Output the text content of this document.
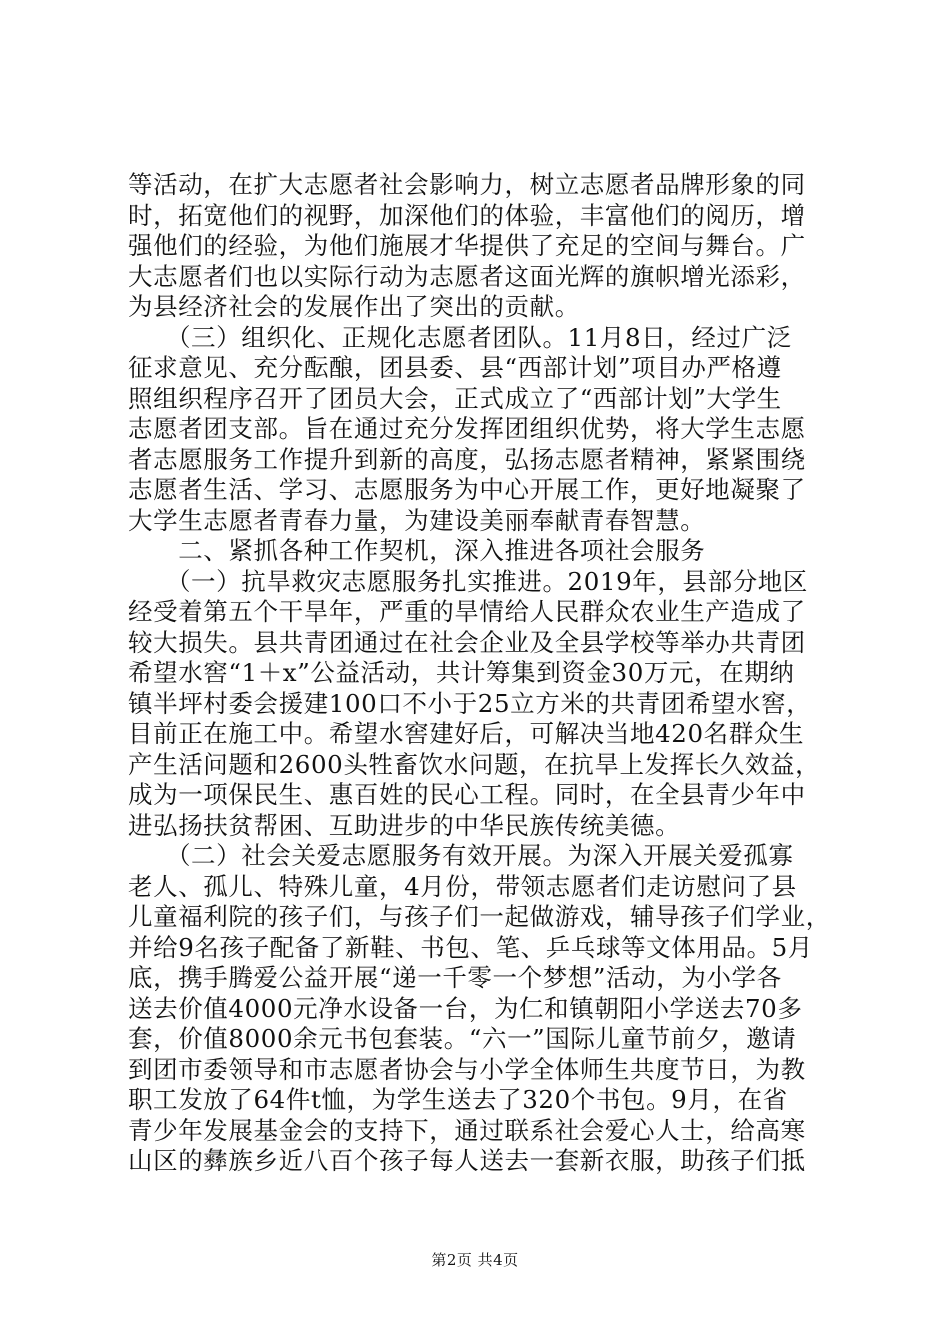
等活动，在扩大志愿者社会影响力，树立志愿者品牌形象的同
时，拓宽他们的视野，加深他们的体验，丰富他们的阅历，增
强他们的经验，为他们施展才华提供了充足的空间与舞台。广
大志愿者们也以实际行动为志愿者这面光辉的旗帜增光添彩，
为县经济社会的发展作出了突出的贡献。
　　（三）组织化、正规化志愿者团队。11月8日，经过广泛
征求意见、充分酝酿，团县委、县“西部计划”项目办严格遵
照组织程序召开了团员大会，正式成立了“西部计划”大学生
志愿者团支部。旨在通过充分发挥团组织优势，将大学生志愿
者志愿服务工作提升到新的高度，弘扬志愿者精神，紧紧围绕
志愿者生活、学习、志愿服务为中心开展工作，更好地凝聚了
大学生志愿者青春力量，为建设美丽奉献青春智慧。
　　二、紧抓各种工作契机，深入推进各项社会服务
　　（一）抗旱救灾志愿服务扎实推进。2019年，县部分地区
经受着第五个干旱年，严重的旱情给人民群众农业生产造成了
较大损失。县共青团通过在社会企业及全县学校等举办共青团
希望水窖“1＋x”公益活动，共计筹集到资金30万元，在期纳
镇半坪村委会援建100口不小于25立方米的共青团希望水窖，
目前正在施工中。希望水窖建好后，可解决当地420名群众生
产生活问题和2600头牲畜饮水问题，在抗旱上发挥长久效益，
成为一项保民生、惠百姓的民心工程。同时，在全县青少年中
进弘扬扶贫帮困、互助进步的中华民族传统美德。
　　（二）社会关爱志愿服务有效开展。为深入开展关爱孤寡
老人、孤儿、特殊儿童，4月份，带领志愿者们走访慰问了县
儿童福利院的孩子们，与孩子们一起做游戏，辅导孩子们学业，
并给9名孩子配备了新鞋、书包、笔、乒乓球等文体用品。5月
底，携手腾爱公益开展“递一千零一个梦想”活动，为小学各
送去价值4000元净水设备一台，为仁和镇朝阳小学送去70多
套，价值8000余元书包套装。“六一”国际儿童节前夕，邀请
到团市委领导和市志愿者协会与小学全体师生共度节日，为教
职工发放了64件t恤，为学生送去了320个书包。9月，在省
青少年发展基金会的支持下，通过联系社会爱心人士，给高寒
山区的彝族乡近八百个孩子每人送去一套新衣服，助孩子们抵
第2页 共4页
